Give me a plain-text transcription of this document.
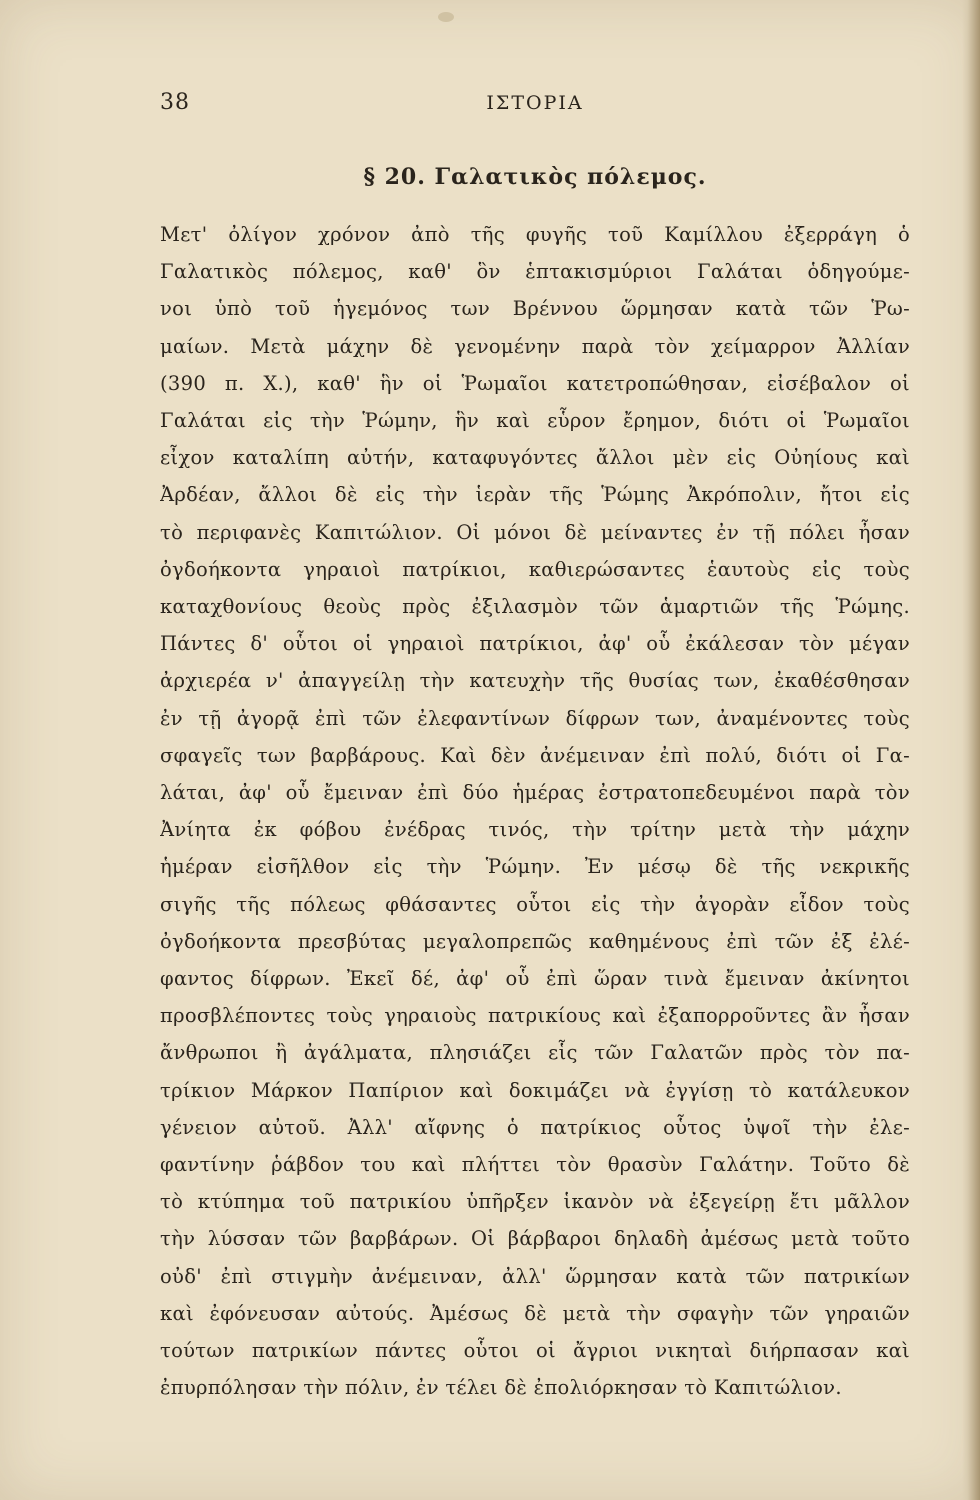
38	ΙΣΤΟΡΙΑ
§ 20. Γαλατικὸς πόλεμος.
Μετ' ὀλίγον χρόνον ἀπὸ τῆς φυγῆς τοῦ Καμίλλου ἐξερράγη ὁ
Γαλατικὸς πόλεμος, καθ' ὃν ἑπτακισμύριοι Γαλάται ὁδηγούμε-
νοι ὑπὸ τοῦ ἡγεμόνος των Βρέννου ὥρμησαν κατὰ τῶν Ῥω-
μαίων. Μετὰ μάχην δὲ γενομένην παρὰ τὸν χείμαρρον Ἀλλίαν
(390 π. Χ.), καθ' ἣν οἱ Ῥωμαῖοι κατετροπώθησαν, εἰσέβαλον οἱ
Γαλάται εἰς τὴν Ῥώμην, ἣν καὶ εὗρον ἔρημον, διότι οἱ Ῥωμαῖοι
εἶχον καταλίπη αὐτήν, καταφυγόντες ἄλλοι μὲν εἰς Οὐηίους καὶ
Ἀρδέαν, ἄλλοι δὲ εἰς τὴν ἱερὰν τῆς Ῥώμης Ἀκρόπολιν, ἤτοι εἰς
τὸ περιφανὲς Καπιτώλιον. Οἱ μόνοι δὲ μείναντες ἐν τῇ πόλει ἦσαν
ὀγδοήκοντα γηραιοὶ πατρίκιοι, καθιερώσαντες ἑαυτοὺς εἰς τοὺς
καταχθονίους θεοὺς πρὸς ἐξιλασμὸν τῶν ἁμαρτιῶν τῆς Ῥώμης.
Πάντες δ' οὗτοι οἱ γηραιοὶ πατρίκιοι, ἀφ' οὗ ἐκάλεσαν τὸν μέγαν
ἀρχιερέα ν' ἀπαγγείλῃ τὴν κατευχὴν τῆς θυσίας των, ἐκαθέσθησαν
ἐν τῇ ἀγορᾷ ἐπὶ τῶν ἐλεφαντίνων δίφρων των, ἀναμένοντες τοὺς
σφαγεῖς των βαρβάρους. Καὶ δὲν ἀνέμειναν ἐπὶ πολύ, διότι οἱ Γα-
λάται, ἀφ' οὗ ἔμειναν ἐπὶ δύο ἡμέρας ἐστρατοπεδευμένοι παρὰ τὸν
Ἀνίητα ἐκ φόβου ἐνέδρας τινός, τὴν τρίτην μετὰ τὴν μάχην
ἡμέραν εἰσῆλθον εἰς τὴν Ῥώμην. Ἐν μέσῳ δὲ τῆς νεκρικῆς
σιγῆς τῆς πόλεως φθάσαντες οὗτοι εἰς τὴν ἀγορὰν εἶδον τοὺς
ὀγδοήκοντα πρεσβύτας μεγαλοπρεπῶς καθημένους ἐπὶ τῶν ἐξ ἐλέ-
φαντος δίφρων. Ἐκεῖ δέ, ἀφ' οὗ ἐπὶ ὥραν τινὰ ἔμειναν ἀκίνητοι
προσβλέποντες τοὺς γηραιοὺς πατρικίους καὶ ἐξαπορροῦντες ἂν ἦσαν
ἄνθρωποι ἢ ἀγάλματα, πλησιάζει εἷς τῶν Γαλατῶν πρὸς τὸν πα-
τρίκιον Μάρκον Παπίριον καὶ δοκιμάζει νὰ ἐγγίσῃ τὸ κατάλευκον
γένειον αὐτοῦ. Ἀλλ' αἴφνης ὁ πατρίκιος οὗτος ὑψοῖ τὴν ἐλε-
φαντίνην ῥάβδον του καὶ πλήττει τὸν θρασὺν Γαλάτην. Τοῦτο δὲ
τὸ κτύπημα τοῦ πατρικίου ὑπῆρξεν ἱκανὸν νὰ ἐξεγείρῃ ἔτι μᾶλλον
τὴν λύσσαν τῶν βαρβάρων. Οἱ βάρβαροι δηλαδὴ ἀμέσως μετὰ τοῦτο
οὐδ' ἐπὶ στιγμὴν ἀνέμειναν, ἀλλ' ὥρμησαν κατὰ τῶν πατρικίων
καὶ ἐφόνευσαν αὐτούς. Ἀμέσως δὲ μετὰ τὴν σφαγὴν τῶν γηραιῶν
τούτων πατρικίων πάντες οὗτοι οἱ ἄγριοι νικηταὶ διήρπασαν καὶ
ἐπυρπόλησαν τὴν πόλιν, ἐν τέλει δὲ ἐπολιόρκησαν τὸ Καπιτώλιον.
